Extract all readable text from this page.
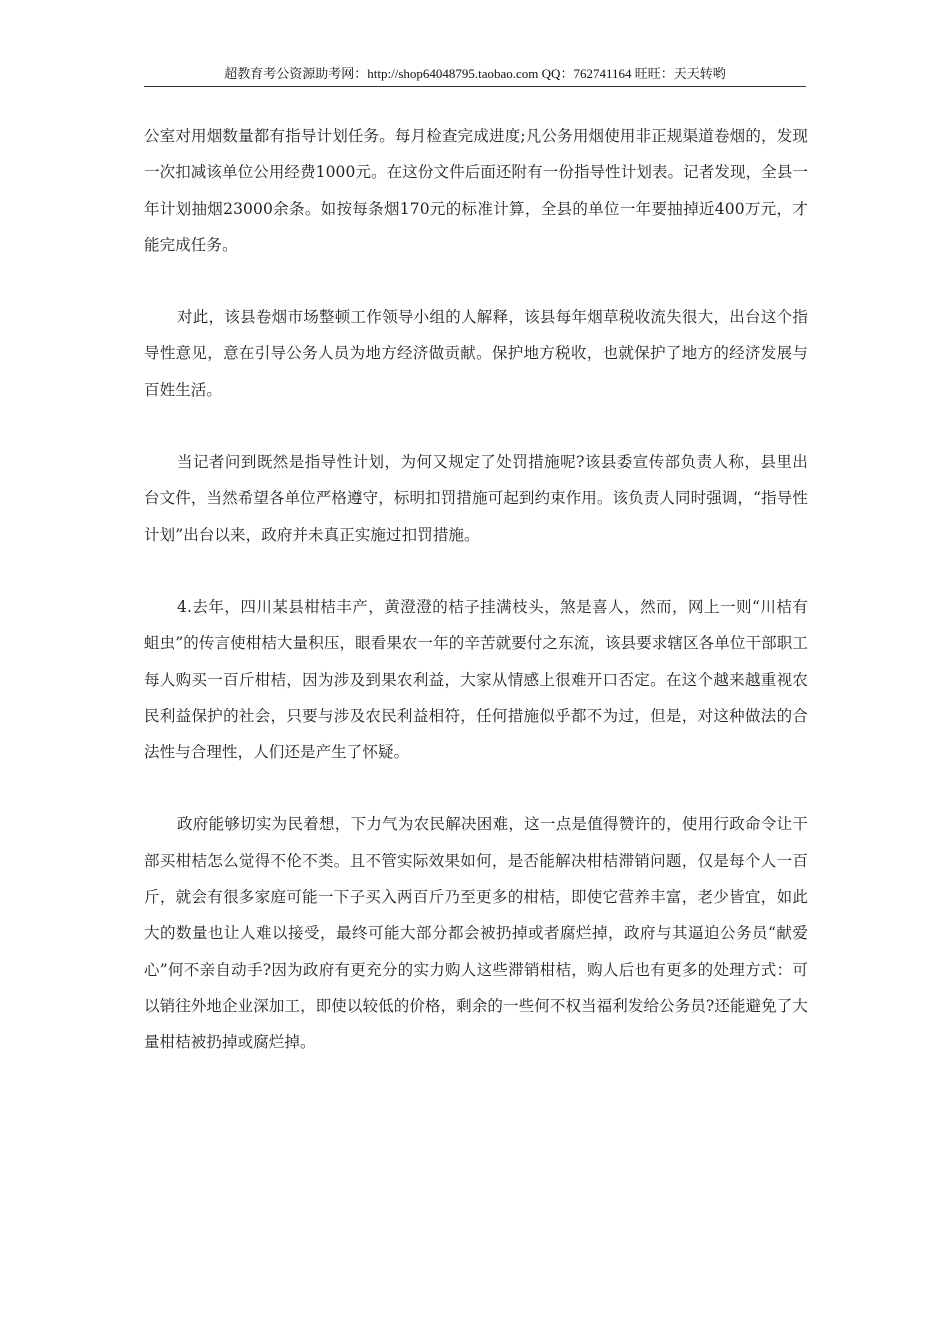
超教育考公资源助考网：http://shop64048795.taobao.com QQ：762741164 旺旺：天天转哟

公室对用烟数量都有指导计划任务。每月检查完成进度;凡公务用烟使用非正规渠道卷烟的，发现一次扣减该单位公用经费1000元。在这份文件后面还附有一份指导性计划表。记者发现，全县一年计划抽烟23000余条。如按每条烟170元的标准计算，全县的单位一年要抽掉近400万元，才能完成任务。

对此，该县卷烟市场整顿工作领导小组的人解释，该县每年烟草税收流失很大，出台这个指导性意见，意在引导公务人员为地方经济做贡献。保护地方税收，也就保护了地方的经济发展与百姓生活。

当记者问到既然是指导性计划，为何又规定了处罚措施呢?该县委宣传部负责人称，县里出台文件，当然希望各单位严格遵守，标明扣罚措施可起到约束作用。该负责人同时强调，“指导性计划”出台以来，政府并未真正实施过扣罚措施。

4.去年，四川某县柑桔丰产，黄澄澄的桔子挂满枝头，煞是喜人，然而，网上一则“川桔有蛆虫”的传言使柑桔大量积压，眼看果农一年的辛苦就要付之东流，该县要求辖区各单位干部职工每人购买一百斤柑桔，因为涉及到果农利益，大家从情感上很难开口否定。在这个越来越重视农民利益保护的社会，只要与涉及农民利益相符，任何措施似乎都不为过，但是，对这种做法的合法性与合理性，人们还是产生了怀疑。

政府能够切实为民着想，下力气为农民解决困难，这一点是值得赞许的，使用行政命令让干部买柑桔怎么觉得不伦不类。且不管实际效果如何，是否能解决柑桔滞销问题，仅是每个人一百斤，就会有很多家庭可能一下子买入两百斤乃至更多的柑桔，即使它营养丰富，老少皆宜，如此大的数量也让人难以接受，最终可能大部分都会被扔掉或者腐烂掉，政府与其逼迫公务员“献爱心”何不亲自动手?因为政府有更充分的实力购人这些滞销柑桔，购人后也有更多的处理方式：可以销往外地企业深加工，即使以较低的价格，剩余的一些何不权当福利发给公务员?还能避免了大量柑桔被扔掉或腐烂掉。
